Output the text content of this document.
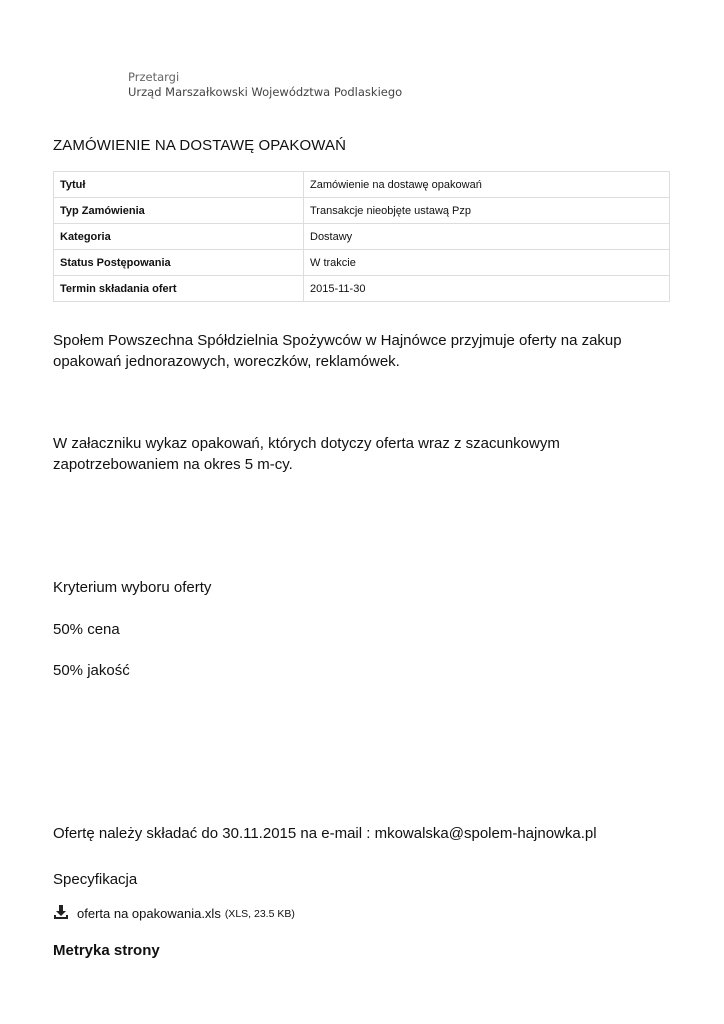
Przetargi
Urząd Marszałkowski Województwa Podlaskiego
ZAMÓWIENIE NA DOSTAWĘ OPAKOWAŃ
Tytuł	Zamówienie na dostawę opakowań
Typ Zamówienia	Transakcje nieobjęte ustawą Pzp
Kategoria	Dostawy
Status Postępowania	W trakcie
Termin składania ofert	2015-11-30

Społem Powszechna Spółdzielnia Spożywców w Hajnówce przyjmuje oferty na zakup opakowań jednorazowych, woreczków, reklamówek.

W załaczniku wykaz opakowań, których dotyczy oferta wraz z szacunkowym zapotrzebowaniem na okres 5 m-cy.

Kryterium wyboru oferty

50% cena

50% jakość

Ofertę należy składać do 30.11.2015 na e-mail : mkowalska@spolem-hajnowka.pl

Specyfikacja

oferta na opakowania.xls (XLS, 23.5 KB)
Metryka strony
